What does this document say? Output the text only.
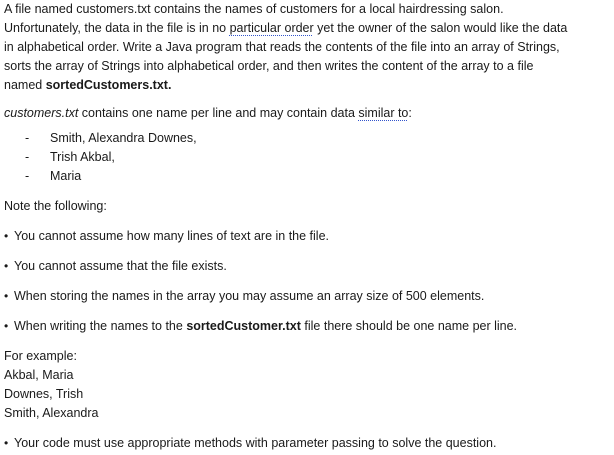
A file named customers.txt contains the names of customers for a local hairdressing salon.
Unfortunately, the data in the file is in no particular order yet the owner of the salon would like the data
in alphabetical order. Write a Java program that reads the contents of the file into an array of Strings,
sorts the array of Strings into alphabetical order, and then writes the content of the array to a file
named sortedCustomers.txt.
customers.txt contains one name per line and may contain data similar to:
-	Smith, Alexandra Downes,
-	Trish Akbal,
-	Maria
Note the following:
• You cannot assume how many lines of text are in the file.
• You cannot assume that the file exists.
• When storing the names in the array you may assume an array size of 500 elements.
• When writing the names to the sortedCustomer.txt file there should be one name per line.
For example:
Akbal, Maria
Downes, Trish
Smith, Alexandra
• Your code must use appropriate methods with parameter passing to solve the question.
